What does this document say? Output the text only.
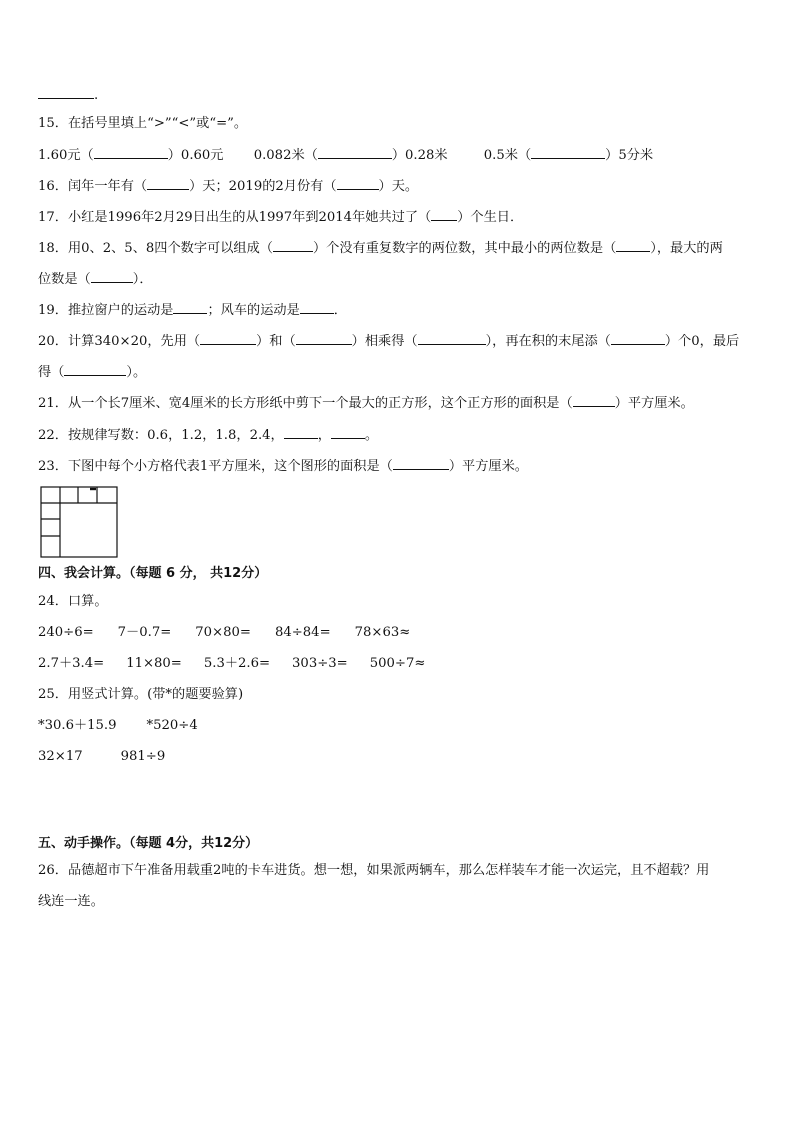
.
15．在括号里填上“>”“<”或“=”。
1.60元（	）0.60元 0.082米（	）0.28米	0.5米（	）5分米
16．闰年一年有（	）天；2019的2月份有（	）天。
17．小红是1996年2月29日出生的从1997年到2014年她共过了（ ）个生日．
18．用0、2、5、8四个数字可以组成（	）个没有重复数字的两位数，其中最小的两位数是（	），最大的两
位数是（	）．
19．推拉窗户的运动是	；风车的运动是	．
20．计算340×20，先用（	）和（	）相乘得（	），再在积的末尾添（	）个0，最后
得（	）。
21．从一个长7厘米、宽4厘米的长方形纸中剪下一个最大的正方形，这个正方形的面积是（	）平方厘米。
22．按规律写数：0.6，1.2，1.8，2.4，	，	。
23．下图中每个小方格代表1平方厘米，这个图形的面积是（	）平方厘米。
四、我会计算。（每题 6 分， 共12分）
24．口算。
240÷6= 7－0.7= 70×80= 84÷84= 78×63≈
2.7＋3.4= 11×80= 5.3＋2.6= 303÷3= 500÷7≈
25．用竖式计算。(带*的题要验算)
*30.6＋15.9 *520÷4
32×17	981÷9
五、动手操作。（每题 4分，共12分）
26．品德超市下午准备用载重2吨的卡车进货。想一想，如果派两辆车，那么怎样装车才能一次运完，且不超载？用
线连一连。
